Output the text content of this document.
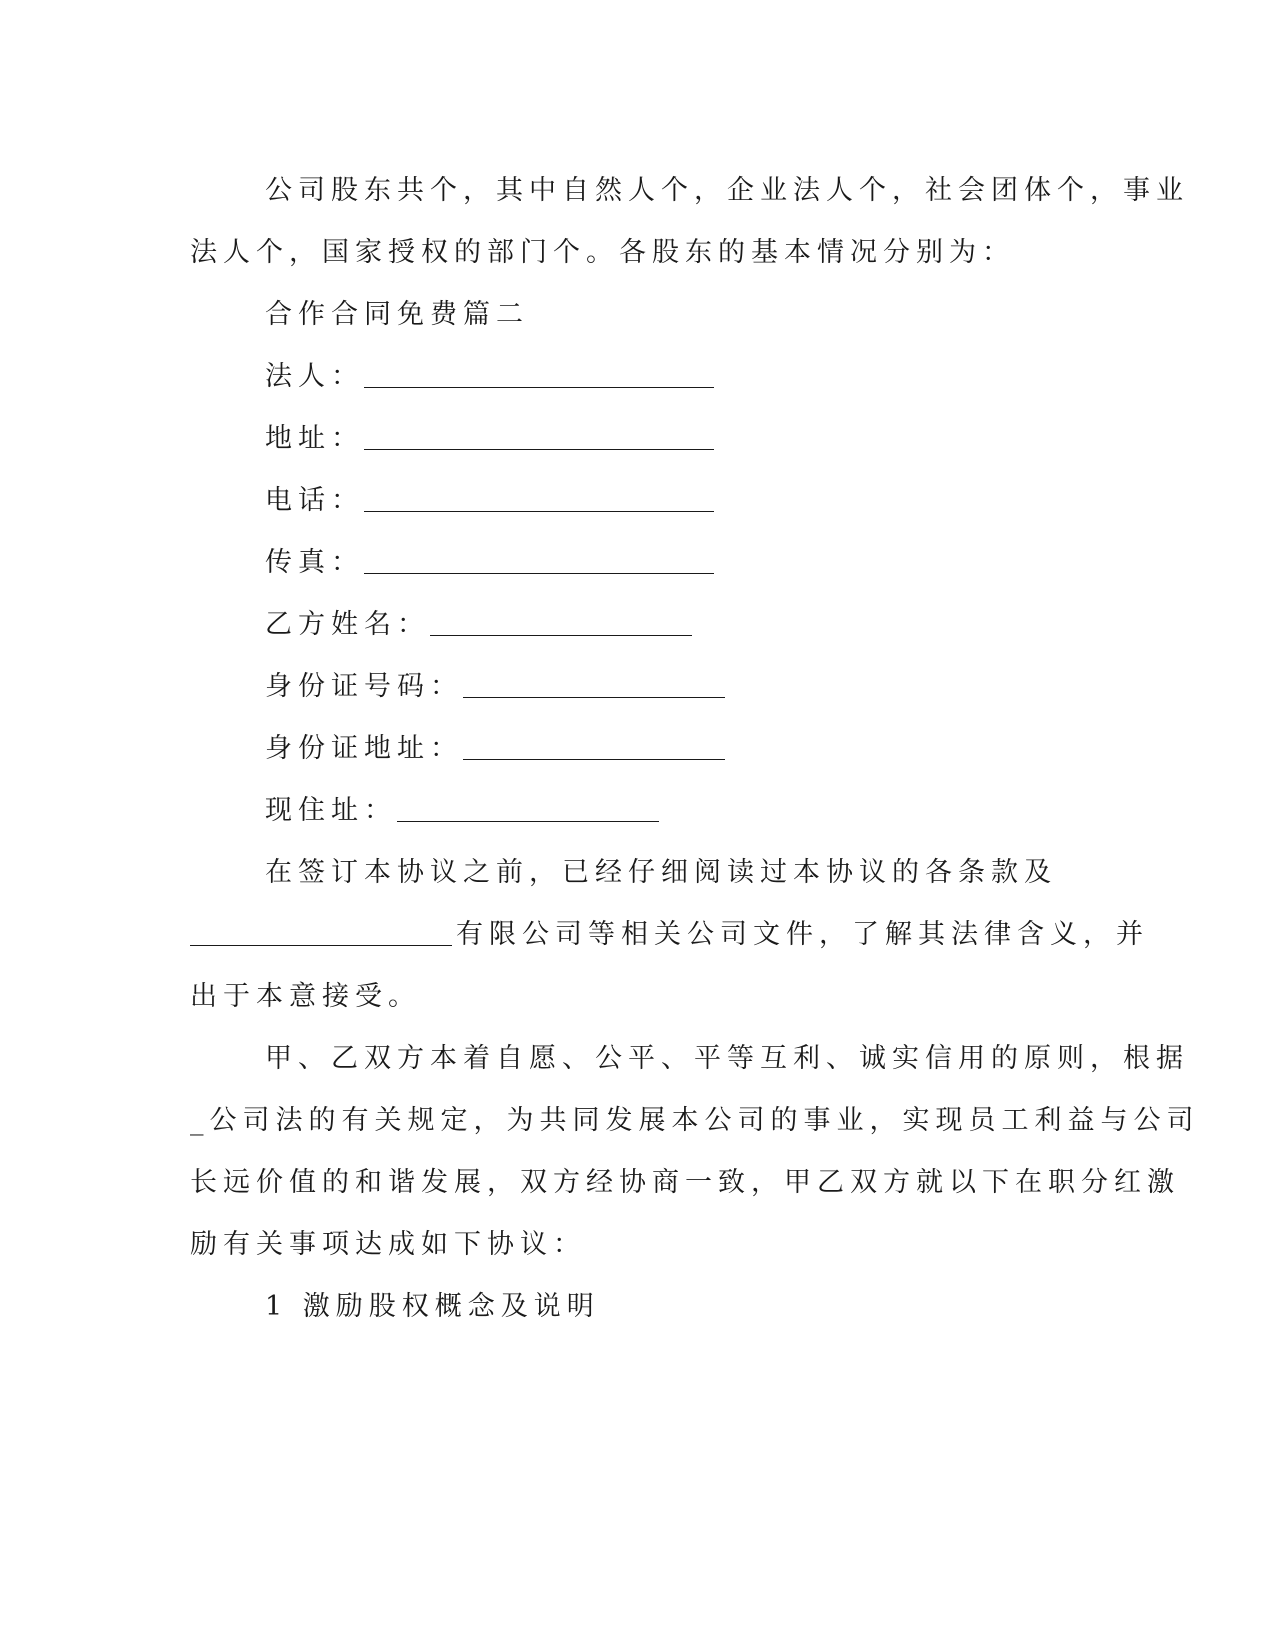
公司股东共个，其中自然人个，企业法人个，社会团体个，事业

法人个，国家授权的部门个。各股东的基本情况分别为：

合作合同免费篇二

法人：

地址：

电话：

传真：

乙方姓名：

身份证号码：

身份证地址：

现住址：

在签订本协议之前，已经仔细阅读过本协议的各条款及

有限公司等相关公司文件，了解其法律含义，并

出于本意接受。

甲、乙双方本着自愿、公平、平等互利、诚实信用的原则，根据

_公司法的有关规定，为共同发展本公司的事业，实现员工利益与公司

长远价值的和谐发展，双方经协商一致，甲乙双方就以下在职分红激

励有关事项达成如下协议：

1 激励股权概念及说明
